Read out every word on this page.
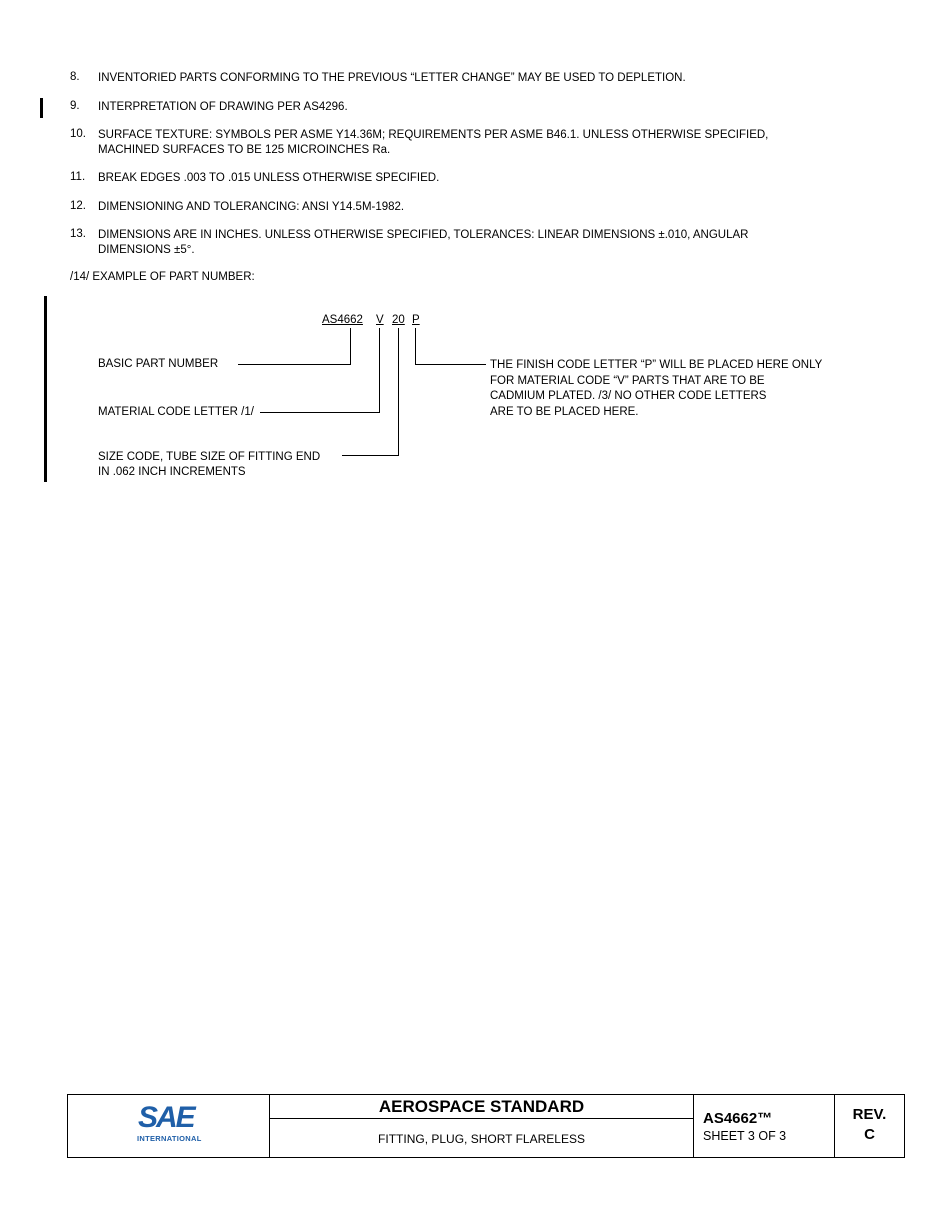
8. INVENTORIED PARTS CONFORMING TO THE PREVIOUS “LETTER CHANGE” MAY BE USED TO DEPLETION.
9. INTERPRETATION OF DRAWING PER AS4296.
10. SURFACE TEXTURE: SYMBOLS PER ASME Y14.36M; REQUIREMENTS PER ASME B46.1. UNLESS OTHERWISE SPECIFIED,
MACHINED SURFACES TO BE 125 MICROINCHES Ra.
11. BREAK EDGES .003 TO .015 UNLESS OTHERWISE SPECIFIED.
12. DIMENSIONING AND TOLERANCING: ANSI Y14.5M-1982.
13. DIMENSIONS ARE IN INCHES. UNLESS OTHERWISE SPECIFIED, TOLERANCES: LINEAR DIMENSIONS ±.010, ANGULAR
DIMENSIONS ±5°.
/14/ EXAMPLE OF PART NUMBER:
AS4662 V 20 P
BASIC PART NUMBER
MATERIAL CODE LETTER /1/
SIZE CODE, TUBE SIZE OF FITTING END
IN .062 INCH INCREMENTS
THE FINISH CODE LETTER “P” WILL BE PLACED HERE ONLY
FOR MATERIAL CODE “V” PARTS THAT ARE TO BE
CADMIUM PLATED. /3/ NO OTHER CODE LETTERS
ARE TO BE PLACED HERE.
SAE
INTERNATIONAL
AEROSPACE STANDARD
FITTING, PLUG, SHORT FLARELESS
AS4662™
SHEET 3 OF 3
REV.
C
